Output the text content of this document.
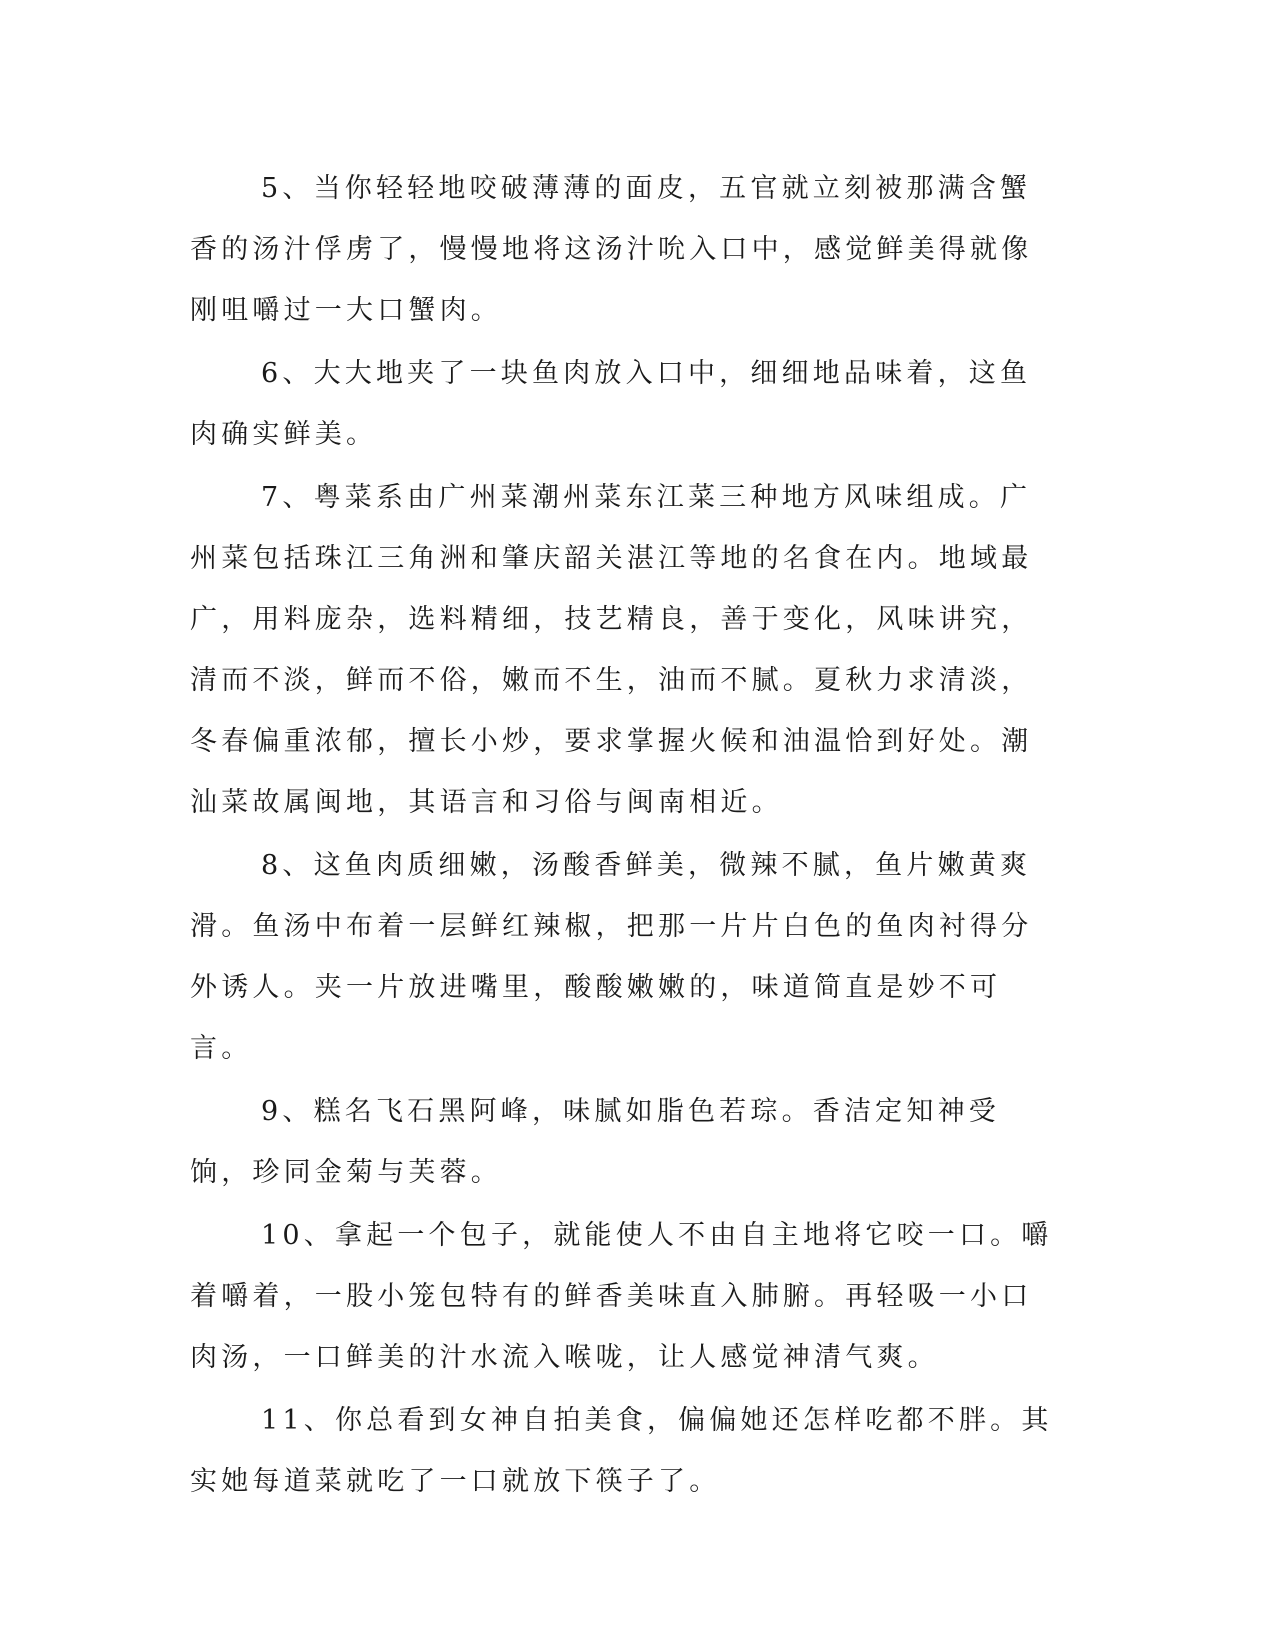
5、当你轻轻地咬破薄薄的面皮，五官就立刻被那满含蟹香的汤汁俘虏了，慢慢地将这汤汁吮入口中，感觉鲜美得就像刚咀嚼过一大口蟹肉。

6、大大地夹了一块鱼肉放入口中，细细地品味着，这鱼肉确实鲜美。

7、粤菜系由广州菜潮州菜东江菜三种地方风味组成。广州菜包括珠江三角洲和肇庆韶关湛江等地的名食在内。地域最广，用料庞杂，选料精细，技艺精良，善于变化，风味讲究，清而不淡，鲜而不俗，嫩而不生，油而不腻。夏秋力求清淡，冬春偏重浓郁，擅长小炒，要求掌握火候和油温恰到好处。潮汕菜故属闽地，其语言和习俗与闽南相近。

8、这鱼肉质细嫩，汤酸香鲜美，微辣不腻，鱼片嫩黄爽滑。鱼汤中布着一层鲜红辣椒，把那一片片白色的鱼肉衬得分外诱人。夹一片放进嘴里，酸酸嫩嫩的，味道简直是妙不可言。

9、糕名飞石黑阿峰，味腻如脂色若琮。香洁定知神受饷，珍同金菊与芙蓉。

10、拿起一个包子，就能使人不由自主地将它咬一口。嚼着嚼着，一股小笼包特有的鲜香美味直入肺腑。再轻吸一小口肉汤，一口鲜美的汁水流入喉咙，让人感觉神清气爽。

11、你总看到女神自拍美食，偏偏她还怎样吃都不胖。其实她每道菜就吃了一口就放下筷子了。
